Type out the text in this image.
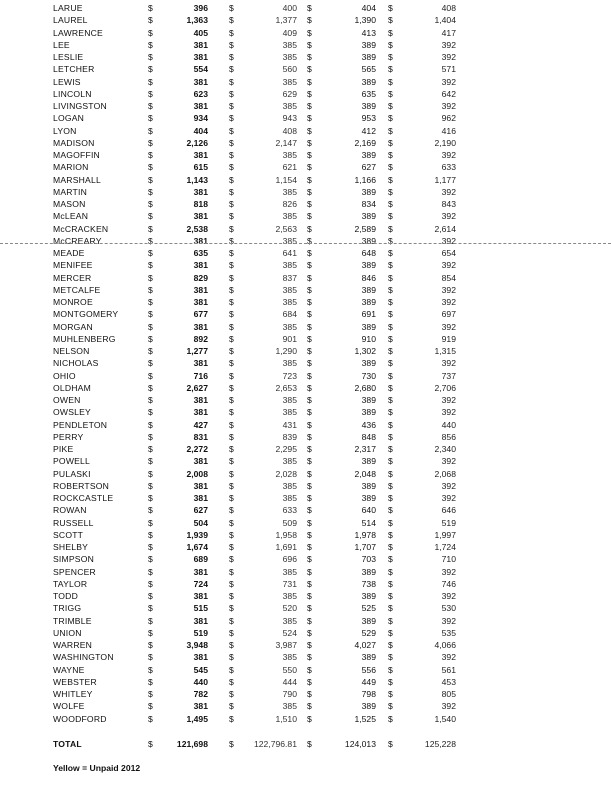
LARUE	$	396 $	400 $	404 $	408
LAUREL	$	1,363 $	1,377 $	1,390 $	1,404
LAWRENCE	$	405 $	409 $	413 $	417
LEE	$	381 $	385 $	389 $	392
LESLIE	$	381 $	385 $	389 $	392
LETCHER	$	554 $	560 $	565 $	571
LEWIS	$	381 $	385 $	389 $	392
LINCOLN	$	623 $	629 $	635 $	642
LIVINGSTON	$	381 $	385 $	389 $	392
LOGAN	$	934 $	943 $	953 $	962
LYON	$	404 $	408 $	412 $	416
MADISON	$	2,126 $	2,147 $	2,169 $	2,190
MAGOFFIN	$	381 $	385 $	389 $	392
MARION	$	615 $	621 $	627 $	633
MARSHALL	$	1,143 $	1,154 $	1,166 $	1,177
MARTIN	$	381 $	385 $	389 $	392
MASON	$	818 $	826 $	834 $	843
McLEAN	$	381 $	385 $	389 $	392
McCRACKEN	$	2,538 $	2,563 $	2,589 $	2,614
McCREARY	$	381 $	385 $	389 $	392
MEADE	$	635 $	641 $	648 $	654
MENIFEE	$	381 $	385 $	389 $	392
MERCER	$	829 $	837 $	846 $	854
METCALFE	$	381 $	385 $	389 $	392
MONROE	$	381 $	385 $	389 $	392
MONTGOMERY	$	677 $	684 $	691 $	697
MORGAN	$	381 $	385 $	389 $	392
MUHLENBERG	$	892 $	901 $	910 $	919
NELSON	$	1,277 $	1,290 $	1,302 $	1,315
NICHOLAS	$	381 $	385 $	389 $	392
OHIO	$	716 $	723 $	730 $	737
OLDHAM	$	2,627 $	2,653 $	2,680 $	2,706
OWEN	$	381 $	385 $	389 $	392
OWSLEY	$	381 $	385 $	389 $	392
PENDLETON	$	427 $	431 $	436 $	440
PERRY	$	831 $	839 $	848 $	856
PIKE	$	2,272 $	2,295 $	2,317 $	2,340
POWELL	$	381 $	385 $	389 $	392
PULASKI	$	2,008 $	2,028 $	2,048 $	2,068
ROBERTSON	$	381 $	385 $	389 $	392
ROCKCASTLE	$	381 $	385 $	389 $	392
ROWAN	$	627 $	633 $	640 $	646
RUSSELL	$	504 $	509 $	514 $	519
SCOTT	$	1,939 $	1,958 $	1,978 $	1,997
SHELBY	$	1,674 $	1,691 $	1,707 $	1,724
SIMPSON	$	689 $	696 $	703 $	710
SPENCER	$	381 $	385 $	389 $	392
TAYLOR	$	724 $	731 $	738 $	746
TODD	$	381 $	385 $	389 $	392
TRIGG	$	515 $	520 $	525 $	530
TRIMBLE	$	381 $	385 $	389 $	392
UNION	$	519 $	524 $	529 $	535
WARREN	$	3,948 $	3,987 $	4,027 $	4,066
WASHINGTON	$	381 $	385 $	389 $	392
WAYNE	$	545 $	550 $	556 $	561
WEBSTER	$	440 $	444 $	449 $	453
WHITLEY	$	782 $	790 $	798 $	805
WOLFE	$	381 $	385 $	389 $	392
WOODFORD	$	1,495 $	1,510 $	1,525 $	1,540
TOTAL	$	121,698 $ 122,796.81 $	124,013 $	125,228
Yellow = Unpaid 2012
